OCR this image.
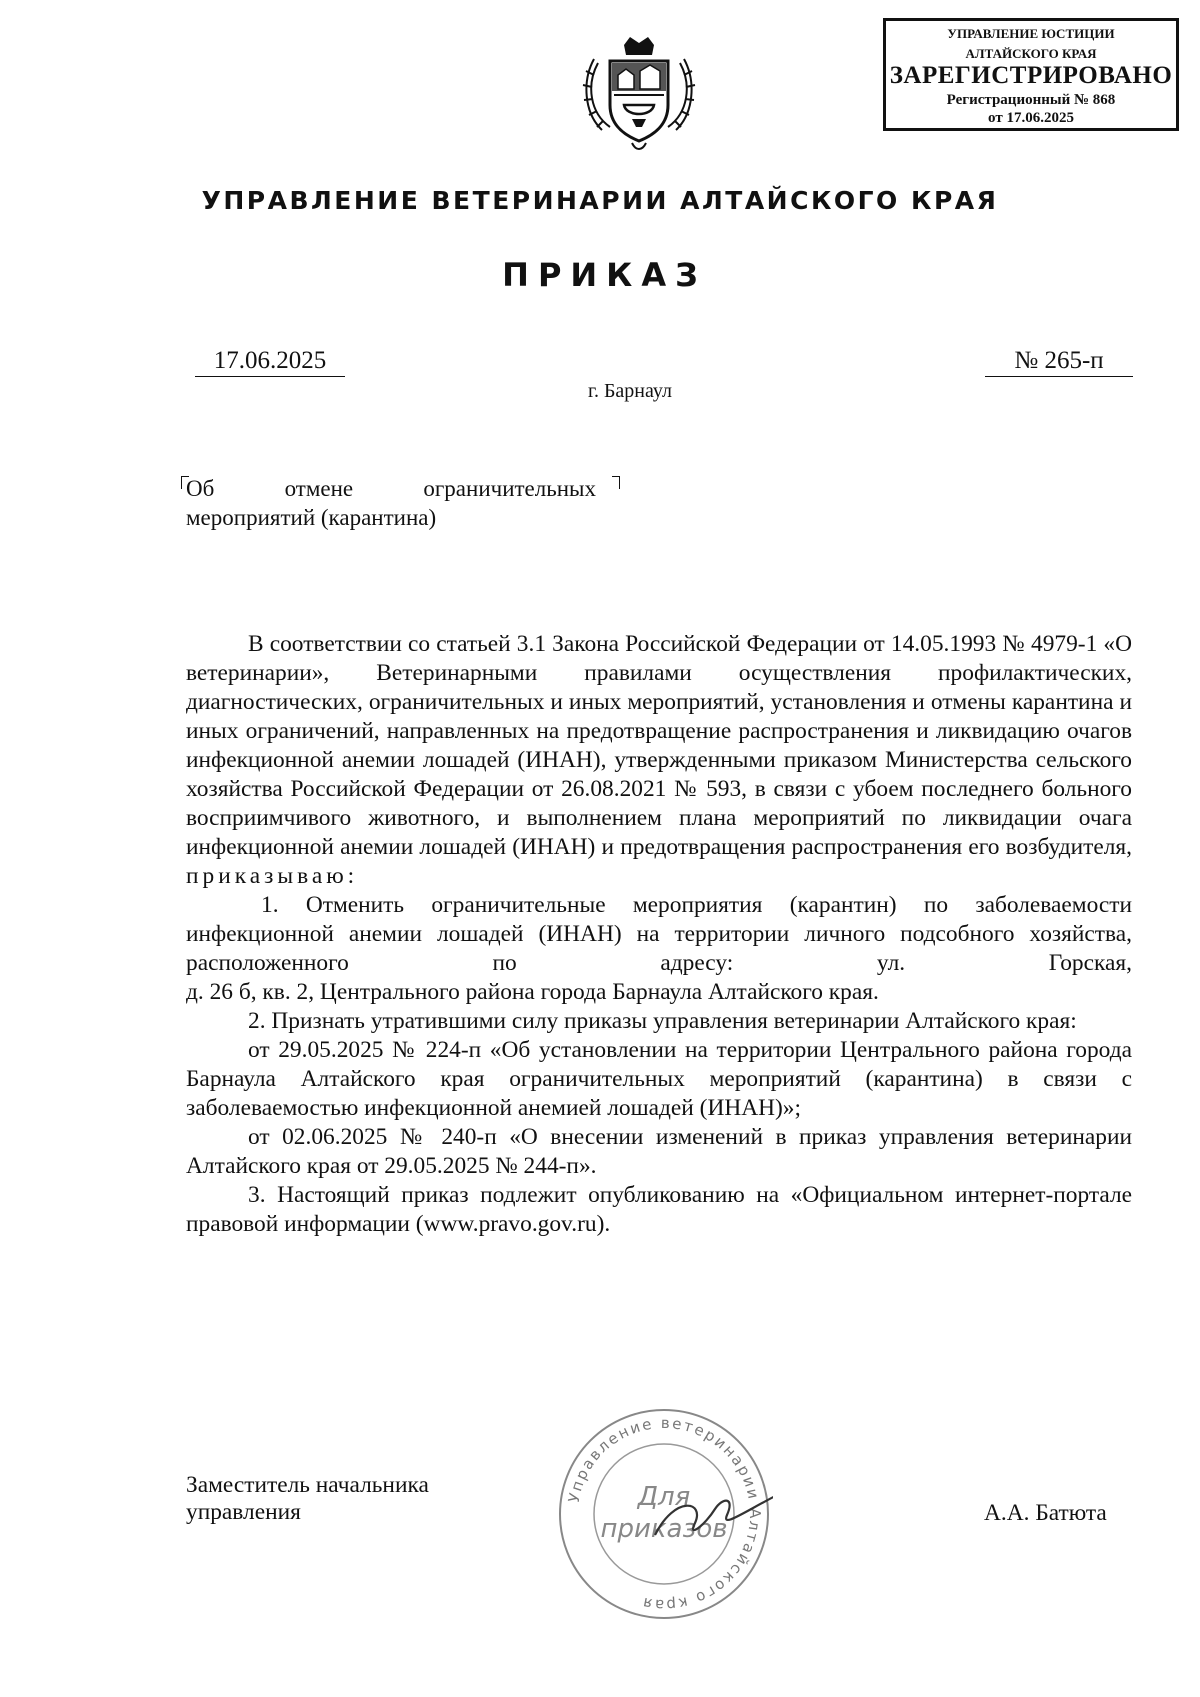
УПРАВЛЕНИЕ ЮСТИЦИИ
АЛТАЙСКОГО КРАЯ
ЗАРЕГИСТРИРОВАНО
Регистрационный № 868
от 17.06.2025
УПРАВЛЕНИЕ ВЕТЕРИНАРИИ АЛТАЙСКОГО КРАЯ
ПРИКАЗ
17.06.2025	№ 265-п
г. Барнаул
Об отмене ограничительных
мероприятий (карантина)

В соответствии со статьей 3.1 Закона Российской Федерации от 14.05.1993 № 4979-1 «О ветеринарии», Ветеринарными правилами осуществления профилактических, диагностических, ограничительных и иных мероприятий, установления и отмены карантина и иных ограничений, направленных на предотвращение распространения и ликвидацию очагов инфекционной анемии лошадей (ИНАН), утвержденными приказом Министерства сельского хозяйства Российской Федерации от 26.08.2021 № 593, в связи с убоем последнего больного восприимчивого животного, и выполнением плана мероприятий по ликвидации очага инфекционной анемии лошадей (ИНАН) и предотвращения распространения его возбудителя, приказываю:

1. Отменить ограничительные мероприятия (карантин) по заболеваемости инфекционной анемии лошадей (ИНАН) на территории личного подсобного хозяйства, расположенного по адресу: ул. Горская,

д. 26 б, кв. 2, Центрального района города Барнаула Алтайского края.

2. Признать утратившими силу приказы управления ветеринарии Алтайского края:

от 29.05.2025 № 224-п «Об установлении на территории Центрального района города Барнаула Алтайского края ограничительных мероприятий (карантина) в связи с заболеваемостью инфекционной анемией лошадей (ИНАН)»;

от 02.06.2025 № 240-п «О внесении изменений в приказ управления ветеринарии Алтайского края от 29.05.2025 № 244-п».

3. Настоящий приказ подлежит опубликованию на «Официальном интернет-портале правовой информации (www.pravo.gov.ru).

Управление ветеринарии Алтайского края
Для
приказов
Заместитель начальника
управления	А.А. Батюта
